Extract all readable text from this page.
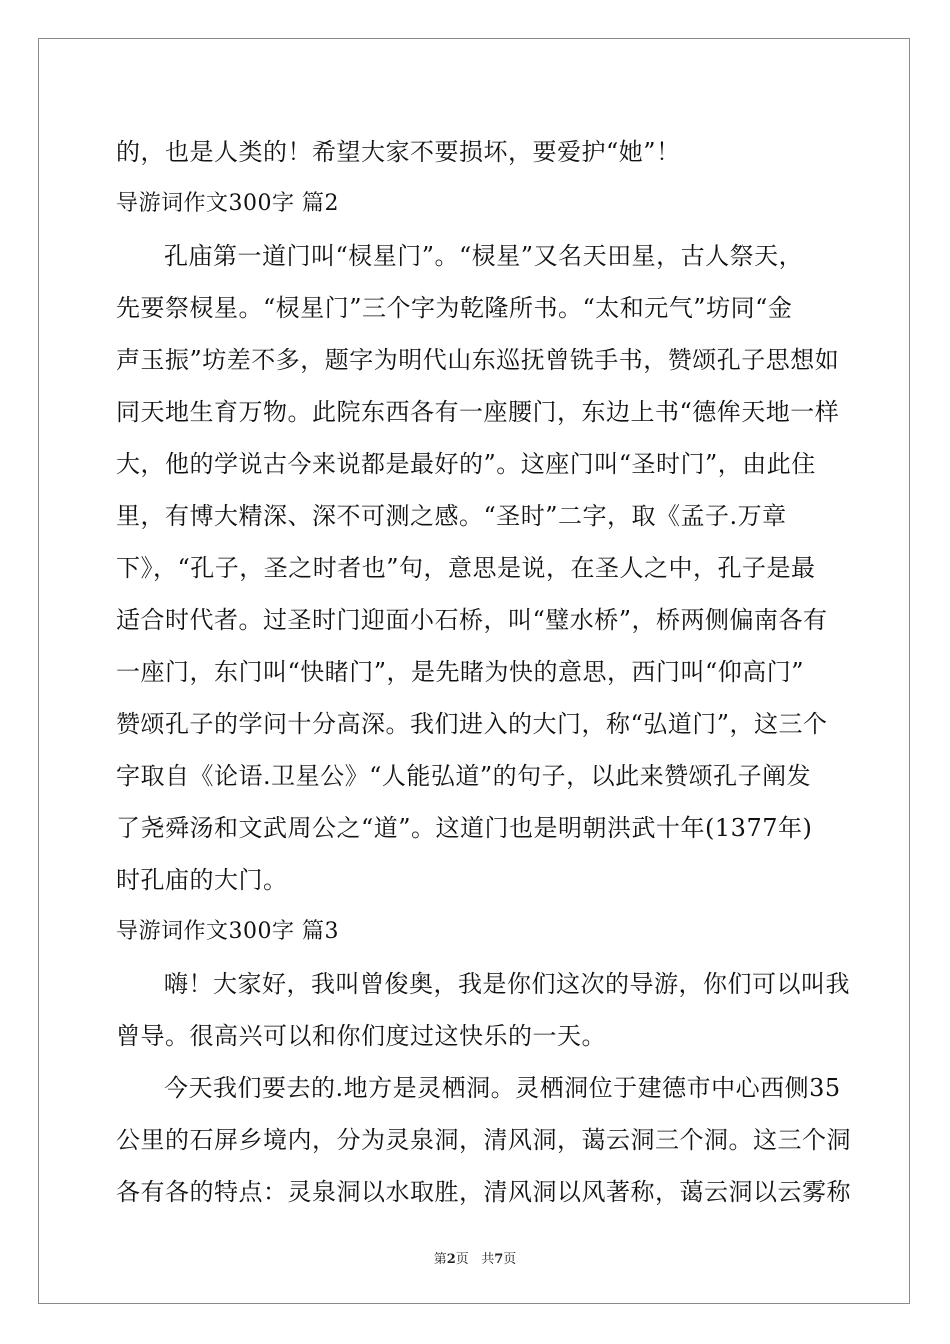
的，也是人类的！希望大家不要损坏，要爱护“她”！
导游词作文300字 篇2
孔庙第一道门叫“棂星门”。“棂星”又名天田星，古人祭天，
先要祭棂星。“棂星门”三个字为乾隆所书。“太和元气”坊同“金
声玉振”坊差不多，题字为明代山东巡抚曾铣手书，赞颂孔子思想如
同天地生育万物。此院东西各有一座腰门，东边上书“德侔天地一样
大，他的学说古今来说都是最好的”。这座门叫“圣时门”，由此住
里，有博大精深、深不可测之感。“圣时”二字，取《孟子.万章
下》，“孔子，圣之时者也”句，意思是说，在圣人之中，孔子是最
适合时代者。过圣时门迎面小石桥，叫“璧水桥”，桥两侧偏南各有
一座门，东门叫“快睹门”，是先睹为快的意思，西门叫“仰高门”
赞颂孔子的学问十分高深。我们进入的大门，称“弘道门”，这三个
字取自《论语.卫星公》“人能弘道”的句子，以此来赞颂孔子阐发
了尧舜汤和文武周公之“道”。这道门也是明朝洪武十年(1377年)
时孔庙的大门。
导游词作文300字 篇3
嗨！大家好，我叫曾俊奥，我是你们这次的导游，你们可以叫我
曾导。很高兴可以和你们度过这快乐的一天。
今天我们要去的.地方是灵栖洞。灵栖洞位于建德市中心西侧35
公里的石屏乡境内，分为灵泉洞，清风洞，蔼云洞三个洞。这三个洞
各有各的特点：灵泉洞以水取胜，清风洞以风著称，蔼云洞以云雾称
第2页   共7页
